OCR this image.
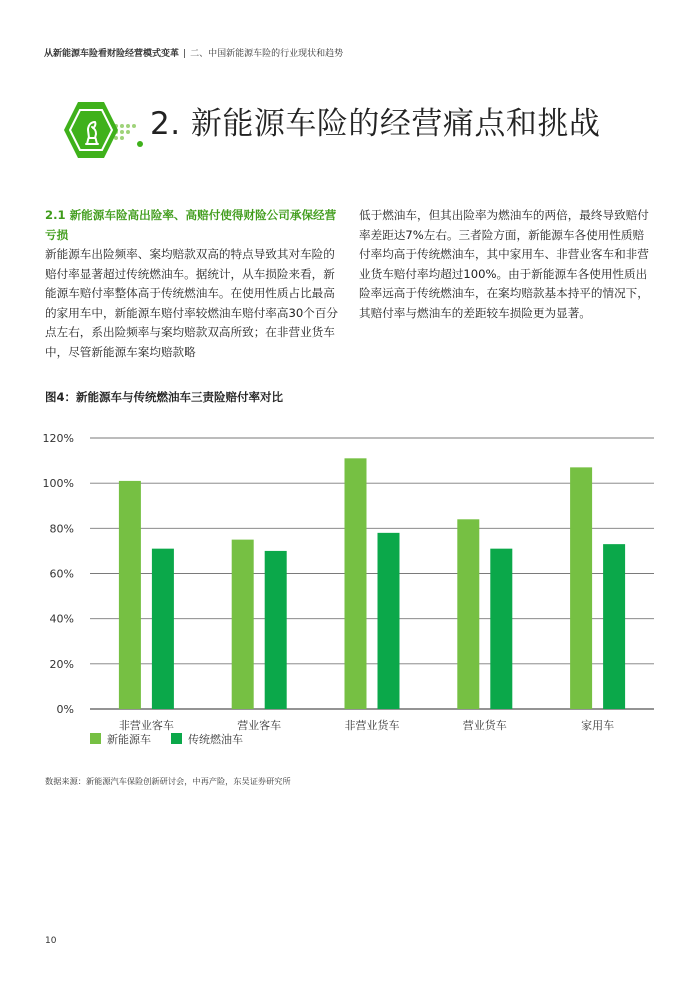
从新能源车险看财险经营模式变革 | 二、中国新能源车险的行业现状和趋势
2. 新能源车险的经营痛点和挑战
2.1 新能源车险高出险率、高赔付使得财险公司承保经营亏损
新能源车出险频率、案均赔款双高的特点导致其对车险的赔付率显著超过传统燃油车。据统计，从车损险来看，新能源车赔付率整体高于传统燃油车。在使用性质占比最高的家用车中，新能源车赔付率较燃油车赔付率高30个百分点左右，系出险频率与案均赔款双高所致；在非营业货车中，尽管新能源车案均赔款略
低于燃油车，但其出险率为燃油车的两倍，最终导致赔付率差距达7%左右。三者险方面，新能源车各使用性质赔付率均高于传统燃油车，其中家用车、非营业客车和非营业货车赔付率均超过100%。由于新能源车各使用性质出险率远高于传统燃油车，在案均赔款基本持平的情况下，其赔付率与燃油车的差距较车损险更为显著。
图4：新能源车与传统燃油车三责险赔付率对比
0%
20%
40%
60%
80%
100%
120%
非营业客车	营业客车	非营业货车	营业货车	家用车
新能源车	传统燃油车
数据来源：新能源汽车保险创新研讨会，中再产险，东吴证券研究所
10
